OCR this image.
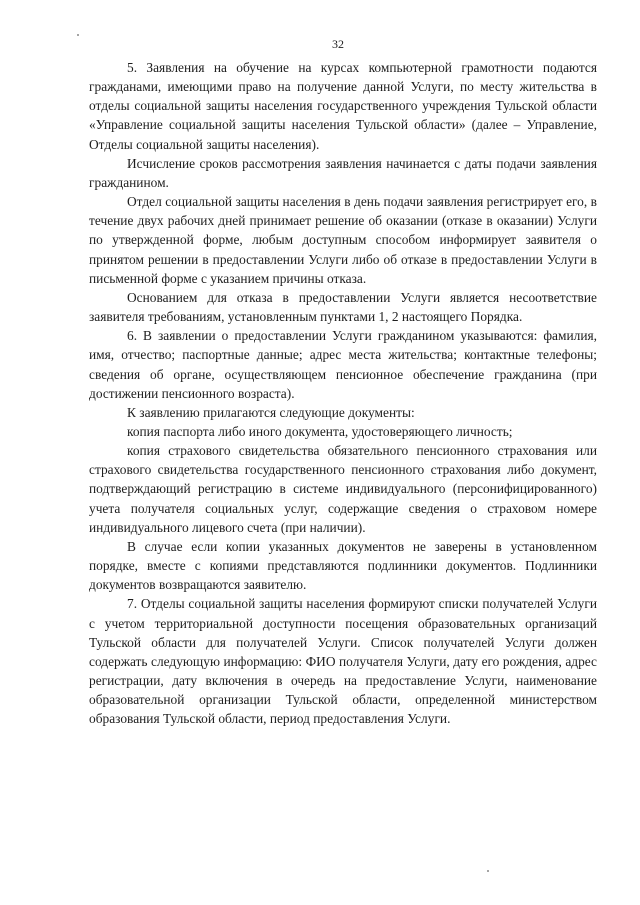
32

5. Заявления на обучение на курсах компьютерной грамотности подаются гражданами, имеющими право на получение данной Услуги, по месту жительства в отделы социальной защиты населения государственного учреждения Тульской области «Управление социальной защиты населения Тульской области» (далее – Управление, Отделы социальной защиты населения).

Исчисление сроков рассмотрения заявления начинается с даты подачи заявления гражданином.

Отдел социальной защиты населения в день подачи заявления регистрирует его, в течение двух рабочих дней принимает решение об оказании (отказе в оказании) Услуги по утвержденной форме, любым доступным способом информирует заявителя о принятом решении в предоставлении Услуги либо об отказе в предоставлении Услуги в письменной форме с указанием причины отказа.

Основанием для отказа в предоставлении Услуги является несоответствие заявителя требованиям, установленным пунктами 1, 2 настоящего Порядка.

6. В заявлении о предоставлении Услуги гражданином указываются: фамилия, имя, отчество; паспортные данные; адрес места жительства; контактные телефоны; сведения об органе, осуществляющем пенсионное обеспечение гражданина (при достижении пенсионного возраста).

К заявлению прилагаются следующие документы:

копия паспорта либо иного документа, удостоверяющего личность;

копия страхового свидетельства обязательного пенсионного страхования или страхового свидетельства государственного пенсионного страхования либо документ, подтверждающий регистрацию в системе индивидуального (персонифицированного) учета получателя социальных услуг, содержащие сведения о страховом номере индивидуального лицевого счета (при наличии).

В случае если копии указанных документов не заверены в установленном порядке, вместе с копиями представляются подлинники документов. Подлинники документов возвращаются заявителю.

7. Отделы социальной защиты населения формируют списки получателей Услуги с учетом территориальной доступности посещения образовательных организаций Тульской области для получателей Услуги. Список получателей Услуги должен содержать следующую информацию: ФИО получателя Услуги, дату его рождения, адрес регистрации, дату включения в очередь на предоставление Услуги, наименование образовательной организации Тульской области, определенной министерством образования Тульской области, период предоставления Услуги.
